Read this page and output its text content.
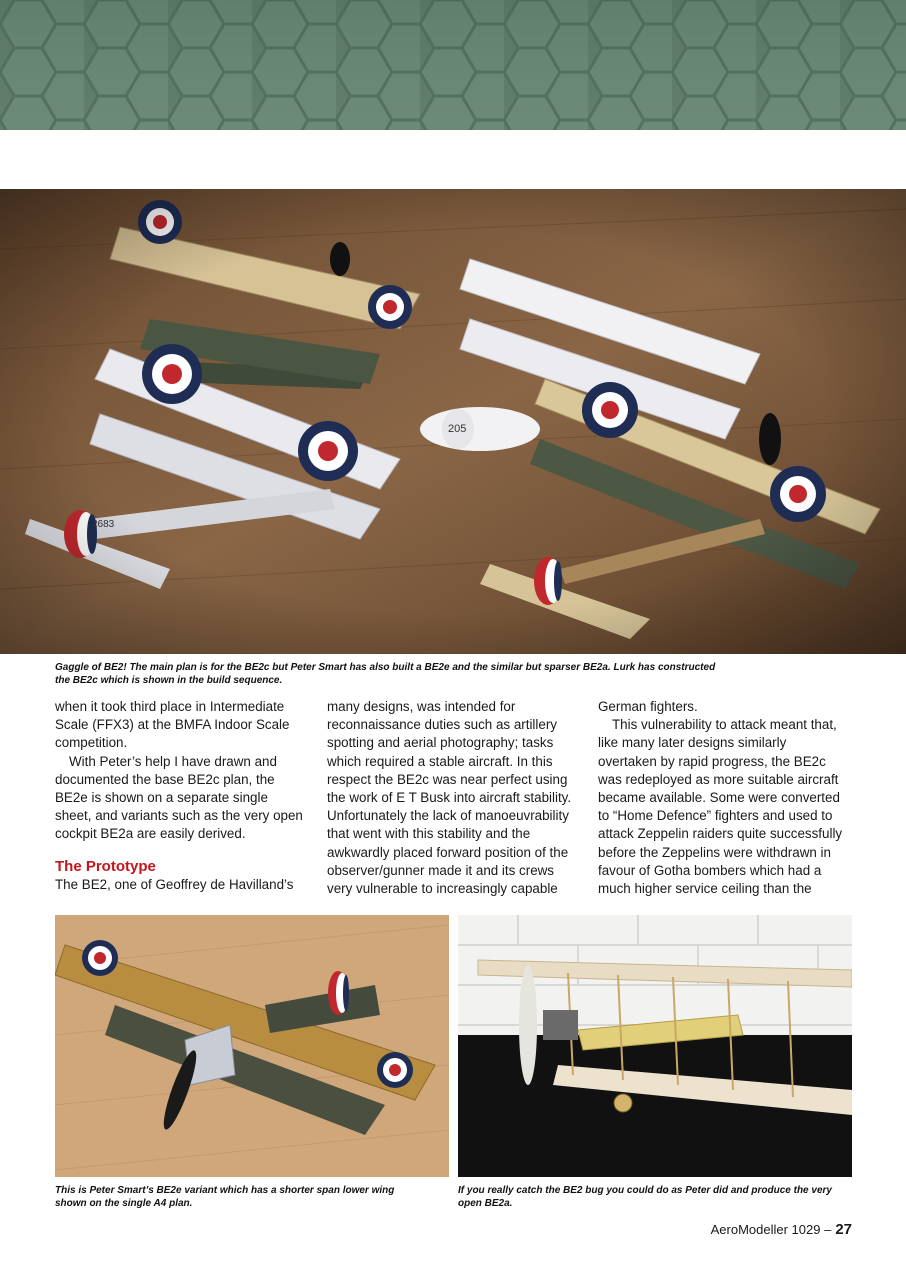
Gaggle of BE2! The main plan is for the BE2c but Peter Smart has also built a BE2e and the similar but sparser BE2a. Lurk has constructed
the BE2c which is shown in the build sequence.

when it took third place in Intermediate Scale (FFX3) at the BMFA Indoor Scale competition.

With Peter’s help I have drawn and documented the base BE2c plan, the BE2e is shown on a separate single sheet, and variants such as the very open cockpit BE2a are easily derived.

The Prototype

The BE2, one of Geoffrey de Havilland’s

many designs, was intended for reconnaissance duties such as artillery spotting and aerial photography; tasks which required a stable aircraft. In this respect the BE2c was near perfect using the work of E T Busk into aircraft stability. Unfortunately the lack of manoeuvrability that went with this stability and the awkwardly placed forward position of the observer/gunner made it and its crews very vulnerable to increasingly capable

German fighters.

This vulnerability to attack meant that, like many later designs similarly overtaken by rapid progress, the BE2c was redeployed as more suitable aircraft became available. Some were converted to “Home Defence” fighters and used to attack Zeppelin raiders quite successfully before the Zeppelins were withdrawn in favour of Gotha bombers which had a much higher service ceiling than the

This is Peter Smart’s BE2e variant which has a shorter span lower wing
shown on the single A4 plan.
If you really catch the BE2 bug you could do as Peter did and produce the very
open BE2a.
AeroModeller 1029 – 27
